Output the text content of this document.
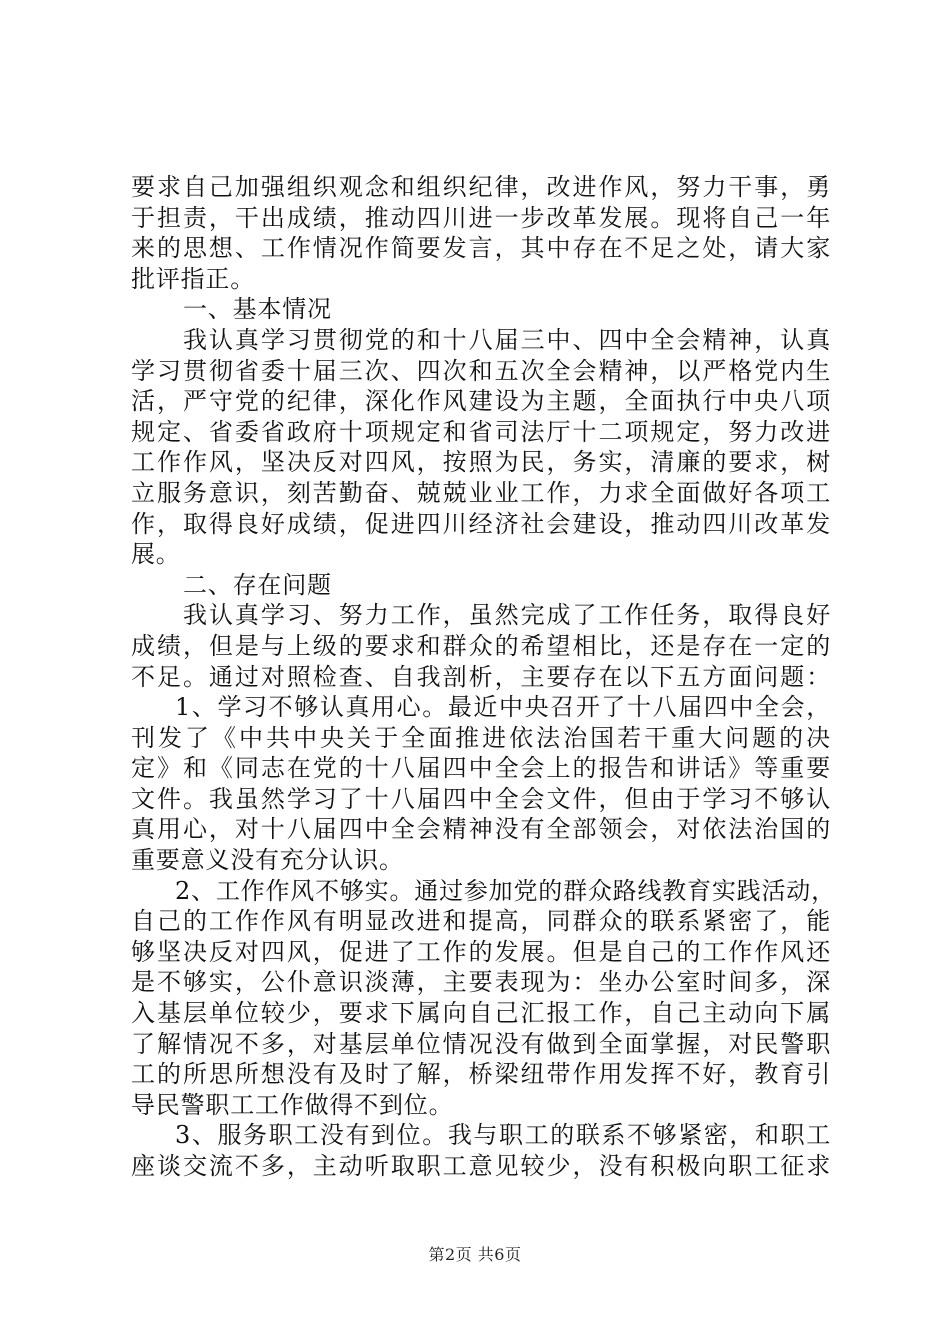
要求自己加强组织观念和组织纪律，改进作风，努力干事，勇
于担责，干出成绩，推动四川进一步改革发展。现将自己一年
来的思想、工作情况作简要发言，其中存在不足之处，请大家
批评指正。
一、基本情况
我认真学习贯彻党的和十八届三中、四中全会精神，认真
学习贯彻省委十届三次、四次和五次全会精神，以严格党内生
活，严守党的纪律，深化作风建设为主题，全面执行中央八项
规定、省委省政府十项规定和省司法厅十二项规定，努力改进
工作作风，坚决反对四风，按照为民，务实，清廉的要求，树
立服务意识，刻苦勤奋、兢兢业业工作，力求全面做好各项工
作，取得良好成绩，促进四川经济社会建设，推动四川改革发
展。
二、存在问题
我认真学习、努力工作，虽然完成了工作任务，取得良好
成绩，但是与上级的要求和群众的希望相比，还是存在一定的
不足。通过对照检查、自我剖析，主要存在以下五方面问题：
1、学习不够认真用心。最近中央召开了十八届四中全会，
刊发了《中共中央关于全面推进依法治国若干重大问题的决
定》和《同志在党的十八届四中全会上的报告和讲话》等重要
文件。我虽然学习了十八届四中全会文件，但由于学习不够认
真用心，对十八届四中全会精神没有全部领会，对依法治国的
重要意义没有充分认识。
2、工作作风不够实。通过参加党的群众路线教育实践活动，
自己的工作作风有明显改进和提高，同群众的联系紧密了，能
够坚决反对四风，促进了工作的发展。但是自己的工作作风还
是不够实，公仆意识淡薄，主要表现为：坐办公室时间多，深
入基层单位较少，要求下属向自己汇报工作，自己主动向下属
了解情况不多，对基层单位情况没有做到全面掌握，对民警职
工的所思所想没有及时了解，桥梁纽带作用发挥不好，教育引
导民警职工工作做得不到位。
3、服务职工没有到位。我与职工的联系不够紧密，和职工
座谈交流不多，主动听取职工意见较少，没有积极向职工征求
第2页 共6页
